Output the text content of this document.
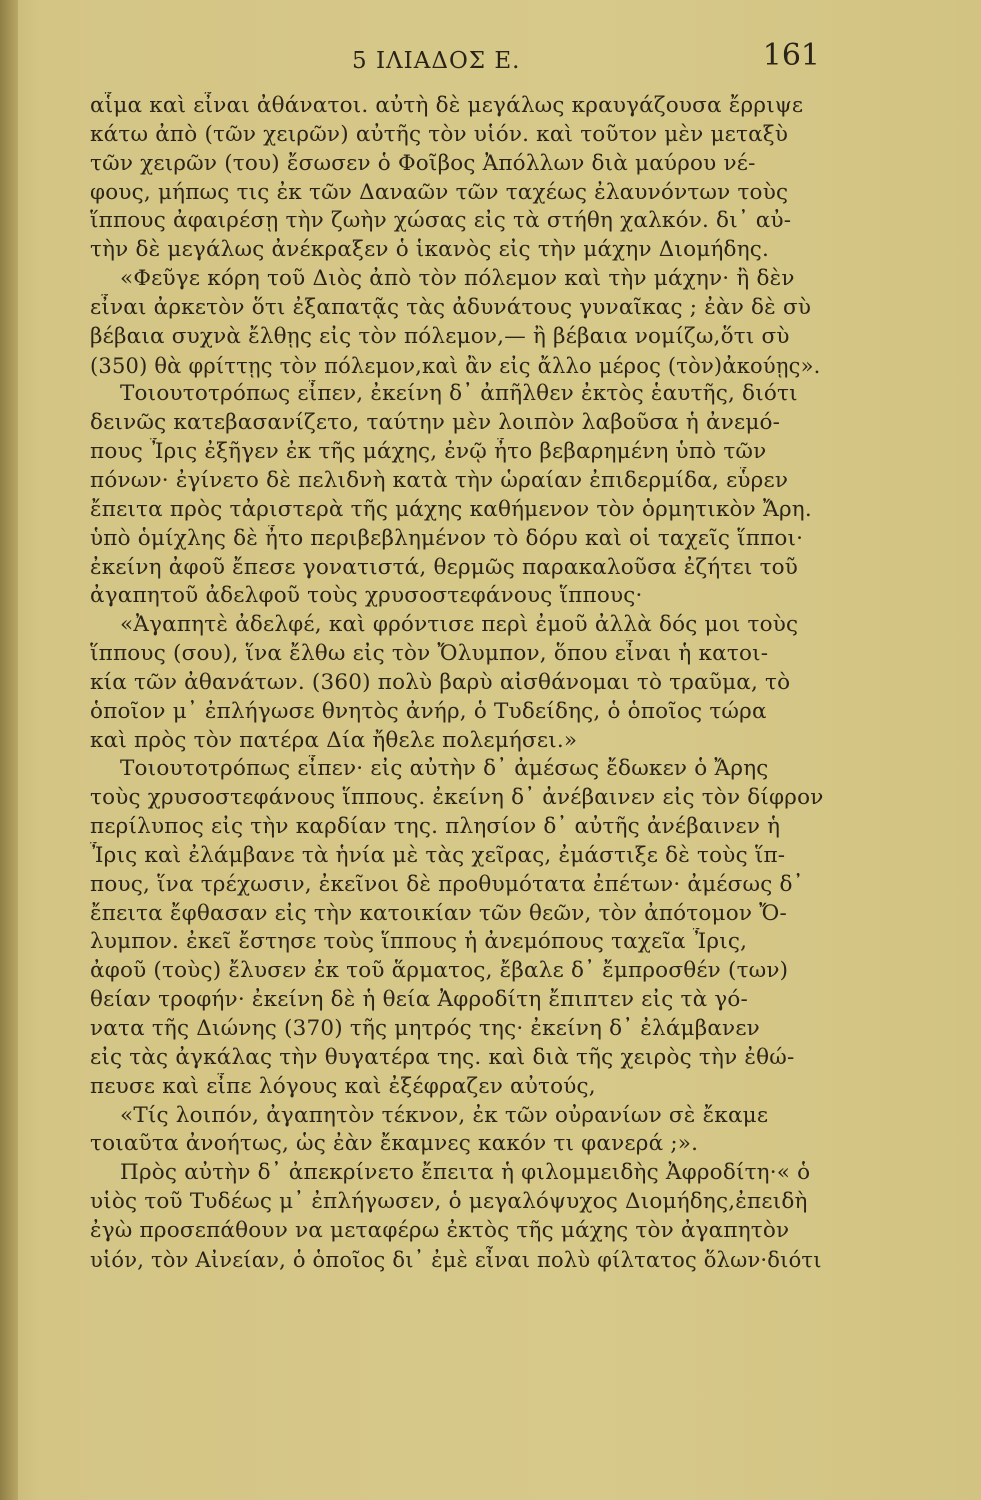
5 ΙΛΙΑΔΟΣ Ε.	161
αἷμα καὶ εἶναι ἀθάνατοι. αὐτὴ δὲ μεγάλως κραυγάζουσα ἔρριψε
κάτω ἀπὸ (τῶν χειρῶν) αὐτῆς τὸν υἱόν. καὶ τοῦτον μὲν μεταξὺ
τῶν χειρῶν (του) ἔσωσεν ὁ Φοῖβος Ἀπόλλων διὰ μαύρου νέ-
φους, μήπως τις ἐκ τῶν Δαναῶν τῶν ταχέως ἐλαυνόντων τοὺς
ἵππους ἀφαιρέσῃ τὴν ζωὴν χώσας εἰς τὰ στήθη χαλκόν. δι᾽ αὐ-
τὴν δὲ μεγάλως ἀνέκραξεν ὁ ἱκανὸς εἰς τὴν μάχην Διομήδης.
«Φεῦγε κόρη τοῦ Διὸς ἀπὸ τὸν πόλεμον καὶ τὴν μάχην· ἢ δὲν
εἶναι ἀρκετὸν ὅτι ἐξαπατᾷς τὰς ἀδυνάτους γυναῖκας ; ἐὰν δὲ σὺ
βέβαια συχνὰ ἔλθῃς εἰς τὸν πόλεμον,— ἢ βέβαια νομίζω,ὅτι σὺ
(350) θὰ φρίττῃς τὸν πόλεμον,καὶ ἂν εἰς ἄλλο μέρος (τὸν)ἀκούῃς».
Τοιουτοτρόπως εἶπεν, ἐκείνη δ᾽ ἀπῆλθεν ἐκτὸς ἑαυτῆς, διότι
δεινῶς κατεβασανίζετο, ταύτην μὲν λοιπὸν λαβοῦσα ἡ ἀνεμό-
πους Ἶρις ἐξῆγεν ἐκ τῆς μάχης, ἐνῷ ἦτο βεβαρημένη ὑπὸ τῶν
πόνων· ἐγίνετο δὲ πελιδνὴ κατὰ τὴν ὡραίαν ἐπιδερμίδα, εὗρεν
ἔπειτα πρὸς τἀριστερὰ τῆς μάχης καθήμενον τὸν ὁρμητικὸν Ἄρη.
ὑπὸ ὁμίχλης δὲ ἦτο περιβεβλημένον τὸ δόρυ καὶ οἱ ταχεῖς ἵπποι·
ἐκείνη ἀφοῦ ἔπεσε γονατιστά, θερμῶς παρακαλοῦσα ἐζήτει τοῦ
ἀγαπητοῦ ἀδελφοῦ τοὺς χρυσοστεφάνους ἵππους·
«Ἀγαπητὲ ἀδελφέ, καὶ φρόντισε περὶ ἐμοῦ ἀλλὰ δός μοι τοὺς
ἵππους (σου), ἵνα ἔλθω εἰς τὸν Ὄλυμπον, ὅπου εἶναι ἡ κατοι-
κία τῶν ἀθανάτων. (360) πολὺ βαρὺ αἰσθάνομαι τὸ τραῦμα, τὸ
ὁποῖον μ᾽ ἐπλήγωσε θνητὸς ἀνήρ, ὁ Τυδείδης, ὁ ὁποῖος τώρα
καὶ πρὸς τὸν πατέρα Δία ἤθελε πολεμήσει.»
Τοιουτοτρόπως εἶπεν· εἰς αὐτὴν δ᾽ ἀμέσως ἔδωκεν ὁ Ἄρης
τοὺς χρυσοστεφάνους ἵππους. ἐκείνη δ᾽ ἀνέβαινεν εἰς τὸν δίφρον
περίλυπος εἰς τὴν καρδίαν της. πλησίον δ᾽ αὐτῆς ἀνέβαινεν ἡ
Ἶρις καὶ ἐλάμβανε τὰ ἡνία μὲ τὰς χεῖρας, ἐμάστιξε δὲ τοὺς ἵπ-
πους, ἵνα τρέχωσιν, ἐκεῖνοι δὲ προθυμότατα ἐπέτων· ἀμέσως δ᾽
ἔπειτα ἔφθασαν εἰς τὴν κατοικίαν τῶν θεῶν, τὸν ἀπότομον Ὄ-
λυμπον. ἐκεῖ ἔστησε τοὺς ἵππους ἡ ἀνεμόπους ταχεῖα Ἶρις,
ἀφοῦ (τοὺς) ἔλυσεν ἐκ τοῦ ἅρματος, ἔβαλε δ᾽ ἔμπροσθέν (των)
θείαν τροφήν· ἐκείνη δὲ ἡ θεία Ἀφροδίτη ἔπιπτεν εἰς τὰ γό-
νατα τῆς Διώνης (370) τῆς μητρός της· ἐκείνη δ᾽ ἐλάμβανεν
εἰς τὰς ἀγκάλας τὴν θυγατέρα της. καὶ διὰ τῆς χειρὸς τὴν ἐθώ-
πευσε καὶ εἶπε λόγους καὶ ἐξέφραζεν αὐτούς,
«Τίς λοιπόν, ἀγαπητὸν τέκνον, ἐκ τῶν οὐρανίων σὲ ἔκαμε
τοιαῦτα ἀνοήτως, ὡς ἐὰν ἔκαμνες κακόν τι φανερά ;».
Πρὸς αὐτὴν δ᾽ ἀπεκρίνετο ἔπειτα ἡ φιλομμειδὴς Ἀφροδίτη·« ὁ
υἱὸς τοῦ Τυδέως μ᾽ ἐπλήγωσεν, ὁ μεγαλόψυχος Διομήδης,ἐπειδὴ
ἐγὼ προσεπάθουν να μεταφέρω ἐκτὸς τῆς μάχης τὸν ἀγαπητὸν
υἱόν, τὸν Αἰνείαν, ὁ ὁποῖος δι᾽ ἐμὲ εἶναι πολὺ φίλτατος ὅλων·διότι
